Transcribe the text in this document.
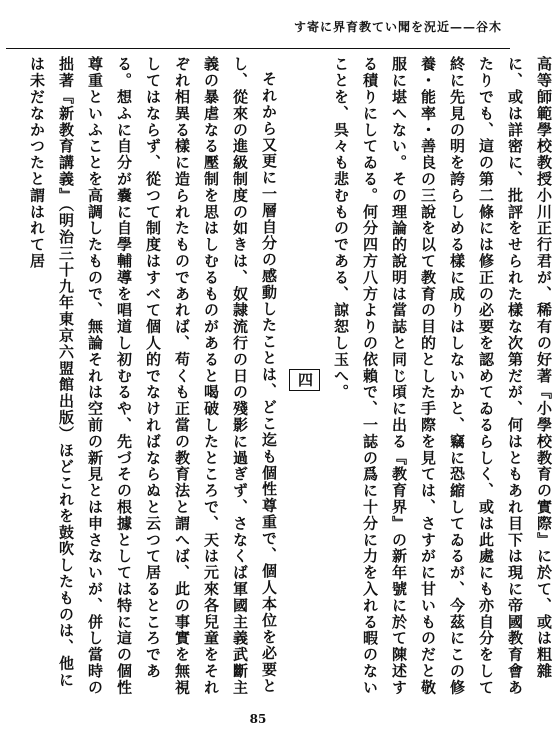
木谷——近況を聞いて教育界に寄す

高等師範學校教授小川正行君が、稀有の好著『小學校教育の實際』に於て、或は粗雜に、或は詳密に、批評をせられた樣な次第だが、何はともあれ目下は現に帝國教育會あたりでも、這の第二條には修正の必要を認めてゐるらしく、或は此處にも亦自分をして終に先見の明を誇らしめる樣に成りはしないかと、竊に恐縮してゐるが、今茲にこの修養・能率・善良の三說を以て教育の目的とした手際を見ては、さすがに甘いものだと敬服に堪へない。その理論的說明は當誌と同じ頃に出る『教育界』の新年號に於て陳述する積りにしてゐる。何分四方八方よりの依賴で、一誌の爲に十分に力を入れる暇のないことを、呉々も悲むものである、諒恕し玉へ。

四

それから又更に一層自分の感動したことは、どこ迄も個性尊重で、個人本位を必要とし、從來の進級制度の如きは、奴隷流行の日の殘影に過ぎず、さなくば軍國主義武斷主義の暴虐なる壓制を思はしむるものがあると喝破したところで、天は元來各兒童をそれぞれ相異る樣に造られたものであれば、苟くも正當の教育法と謂へば、此の事實を無視してはならず、從つて制度はすべて個人的でなければならぬと云つて居るところである。想ふに自分が嚢に自學輔導を唱道し初むるや、先づその根據としては特に這の個性尊重といふことを高調したもので、無論それは空前の新見とは申さないが、併し當時の拙著『新教育講義』（明治三十九年東京六盟館出版）ほどこれを鼓吹したものは、他には未だなかつたと謂はれて居

85
